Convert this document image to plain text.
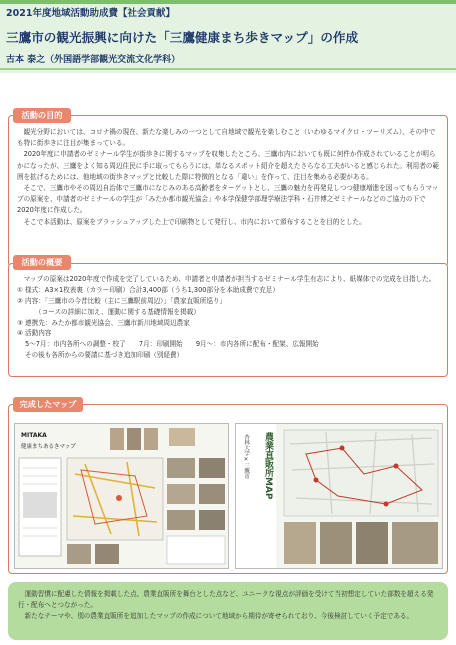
2021年度地域活動助成費【社会貢献】
三鷹市の観光振興に向けた「三鷹健康まち歩きマップ」の作成
古本 泰之（外国語学部観光交流文化学科）
活動の目的

観光分野においては、コロナ禍の現在、新たな楽しみの一つとして自地域で観光を楽しむこと（いわゆるマイクロ・ツーリズム）、その中でも特に街歩きに注目が集まっている。

2020年度に申請者のゼミナール学生が街歩きに関するマップを収集したところ、三鷹市内においても既に何件か作成されていることが明らかになったが、三鷹をよく知る周辺住民に手に取ってもらうには、単なるスポット紹介を超えたさらなる工夫がいると感じられた。利用者の範囲を拡げるためには、他地域の街歩きマップと比較した際に特徴的となる「違い」を作って、注目を集める必要がある。

そこで、三鷹市やその周辺自治体で三鷹市になじみのある高齢者をターゲットとし、三鷹の魅力を再発見しつつ健康増進を図ってもらうマップの原案を、申請者のゼミナールの学生が「みたか都市観光協会」や本学保健学部理学療法学科・石井博之ゼミナールなどのご協力の下で2020年度に作成した。

そこで本活動は、原案をブラッシュアップした上で印刷物として発行し、市内において頒布することを目的とした。

活動の概要

マップの原案は2020年度で作成を完了しているため、申請者と申請者が担当するゼミナール学生有志により、紙媒体での完成を目指した。

① 様式：A3×1枚表裏（カラー印刷）合計3,400部（うち1,300部分を本助成費で充足）
② 内容：「三鷹市の今昔比較（主に三鷹駅前周辺）」「農家直販所巡り」
（コースの詳細に加え、運動に関する基礎情報を掲載）
③ 連携先：みたか都市観光協会、三鷹市新川地域周辺農家
④ 活動内容
5～7月：市内各所への調整・校了　　7月：印刷開始　　9月～：市内各所に配布・配架、広報開始
その後も各所からの要請に基づき追加印刷（別経費）
完成したマップ
MITAKA
健康まちあるきマップ	農業直販所MAP
杏林大学×三鷹市

運動習慣に配慮した情報を掲載した点、農業直販所を舞台とした点など、ユニークな視点が評価を受けて当初想定していた部数を超える発行・配布へとつながった。

新たなテーマや、別の農業直販所を追加したマップの作成について地域から期待が寄せられており、今後検討していく予定である。
